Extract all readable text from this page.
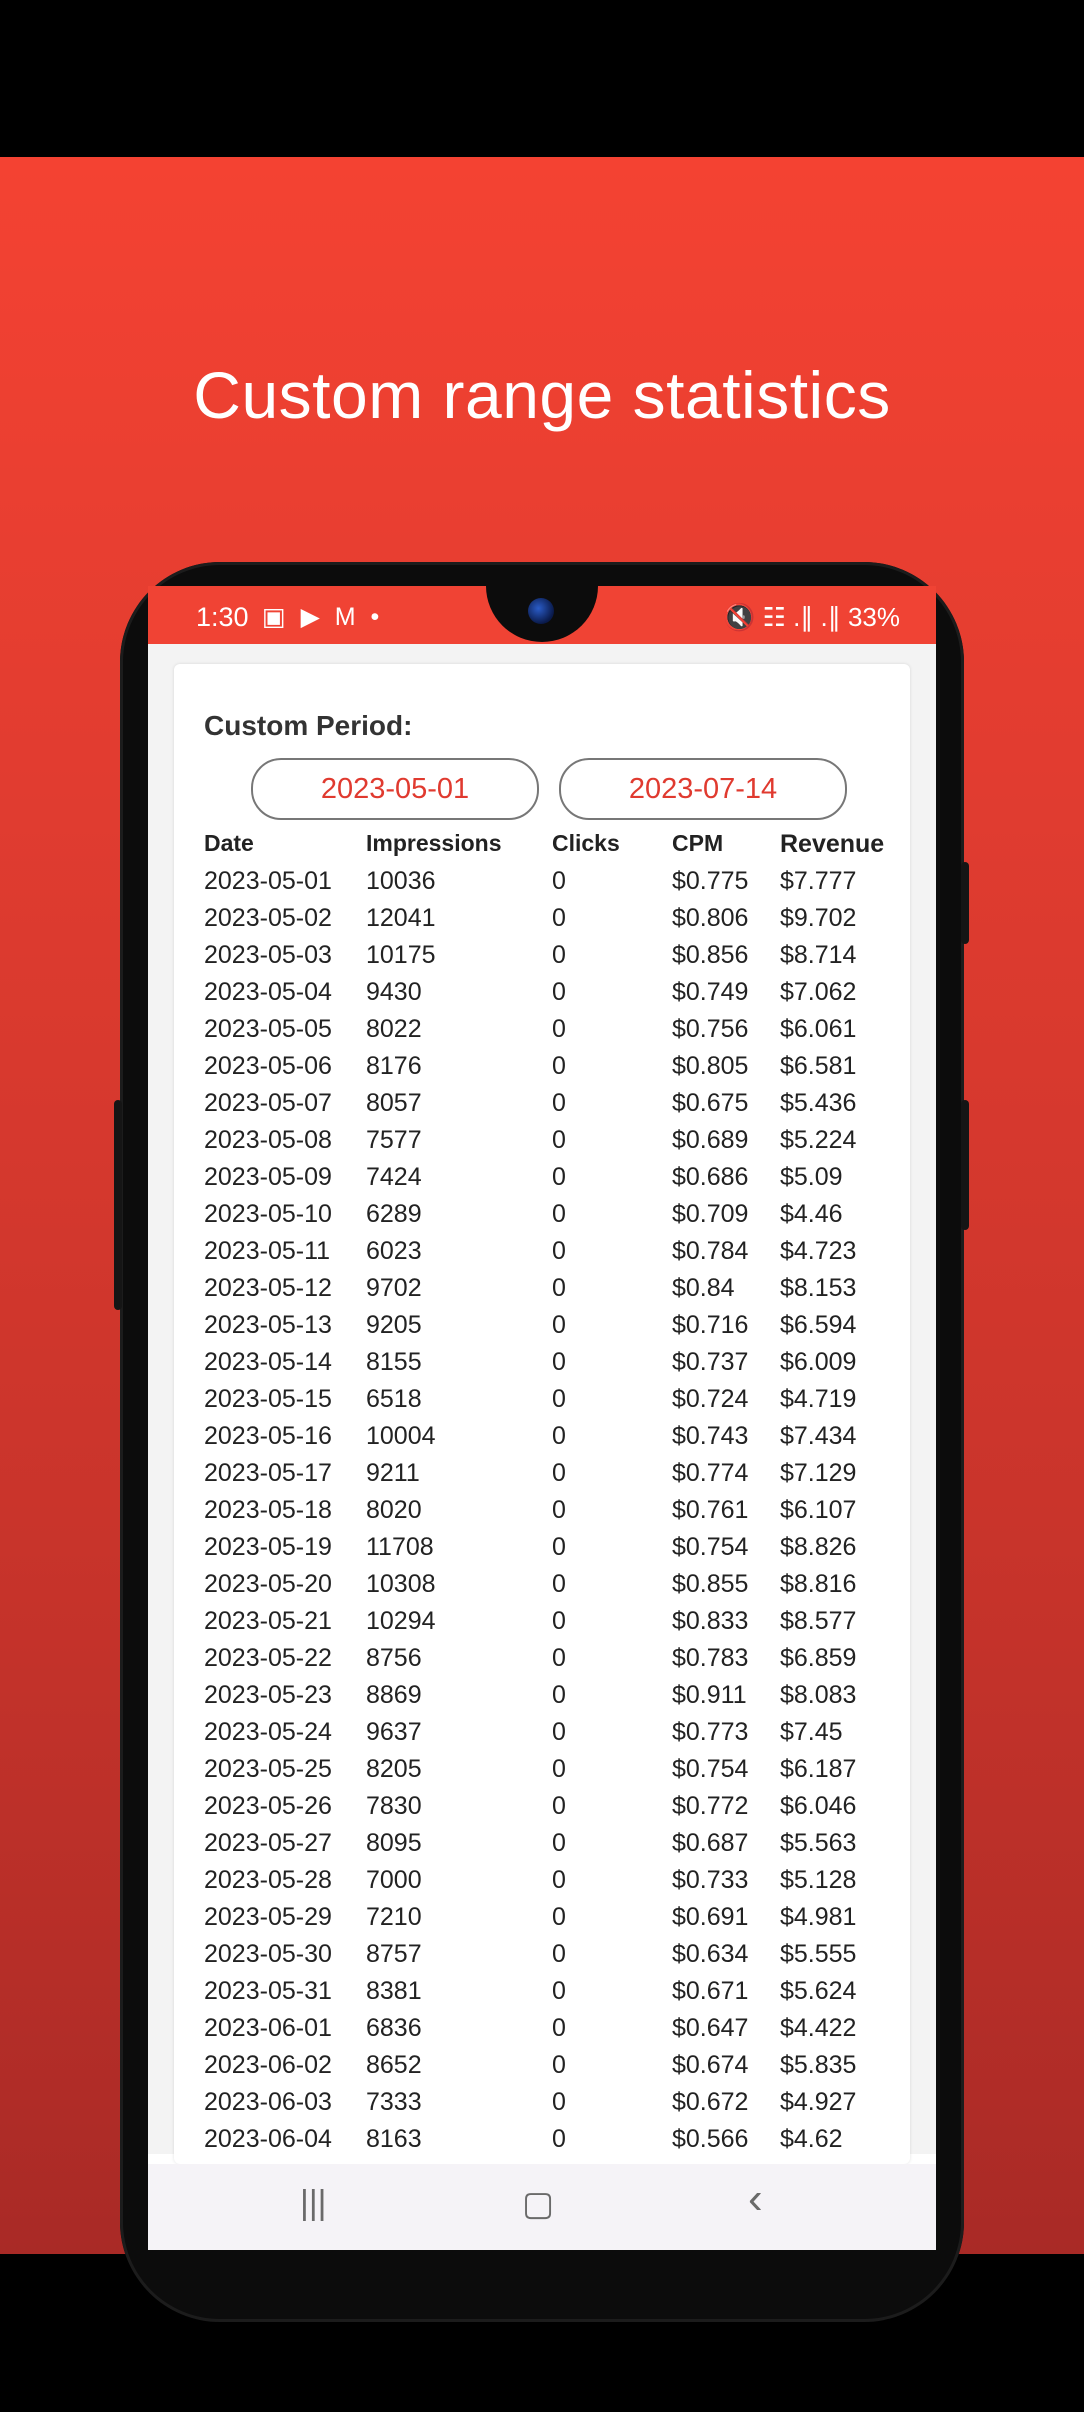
Custom range statistics
1:30 ▣ ▶ M •	🔇 ☷ .∥ .∥ 33%
Custom Period:
2023-05-01	2023-07-14
Date	Impressions Clicks CPM Revenue
2023-05-01 10036	0	$0.775 $7.777
2023-05-02 12041	0	$0.806 $9.702
2023-05-03 10175	0	$0.856 $8.714
2023-05-04 9430	0	$0.749 $7.062
2023-05-05 8022	0	$0.756 $6.061
2023-05-06 8176	0	$0.805 $6.581
2023-05-07 8057	0	$0.675 $5.436
2023-05-08 7577	0	$0.689 $5.224
2023-05-09 7424	0	$0.686 $5.09
2023-05-10 6289	0	$0.709 $4.46
2023-05-11 6023	0	$0.784 $4.723
2023-05-12 9702	0	$0.84 $8.153
2023-05-13 9205	0	$0.716 $6.594
2023-05-14 8155	0	$0.737 $6.009
2023-05-15 6518	0	$0.724 $4.719
2023-05-16 10004	0	$0.743 $7.434
2023-05-17 9211	0	$0.774 $7.129
2023-05-18 8020	0	$0.761 $6.107
2023-05-19 11708	0	$0.754 $8.826
2023-05-20 10308	0	$0.855 $8.816
2023-05-21 10294	0	$0.833 $8.577
2023-05-22 8756	0	$0.783 $6.859
2023-05-23 8869	0	$0.911 $8.083
2023-05-24 9637	0	$0.773 $7.45
2023-05-25 8205	0	$0.754 $6.187
2023-05-26 7830	0	$0.772 $6.046
2023-05-27 8095	0	$0.687 $5.563
2023-05-28 7000	0	$0.733 $5.128
2023-05-29 7210	0	$0.691 $4.981
2023-05-30 8757	0	$0.634 $5.555
2023-05-31 8381	0	$0.671 $5.624
2023-06-01 6836	0	$0.647 $4.422
2023-06-02 8652	0	$0.674 $5.835
2023-06-03 7333	0	$0.672 $4.927
2023-06-04 8163	0	$0.566 $4.62
|||	▢	‹
